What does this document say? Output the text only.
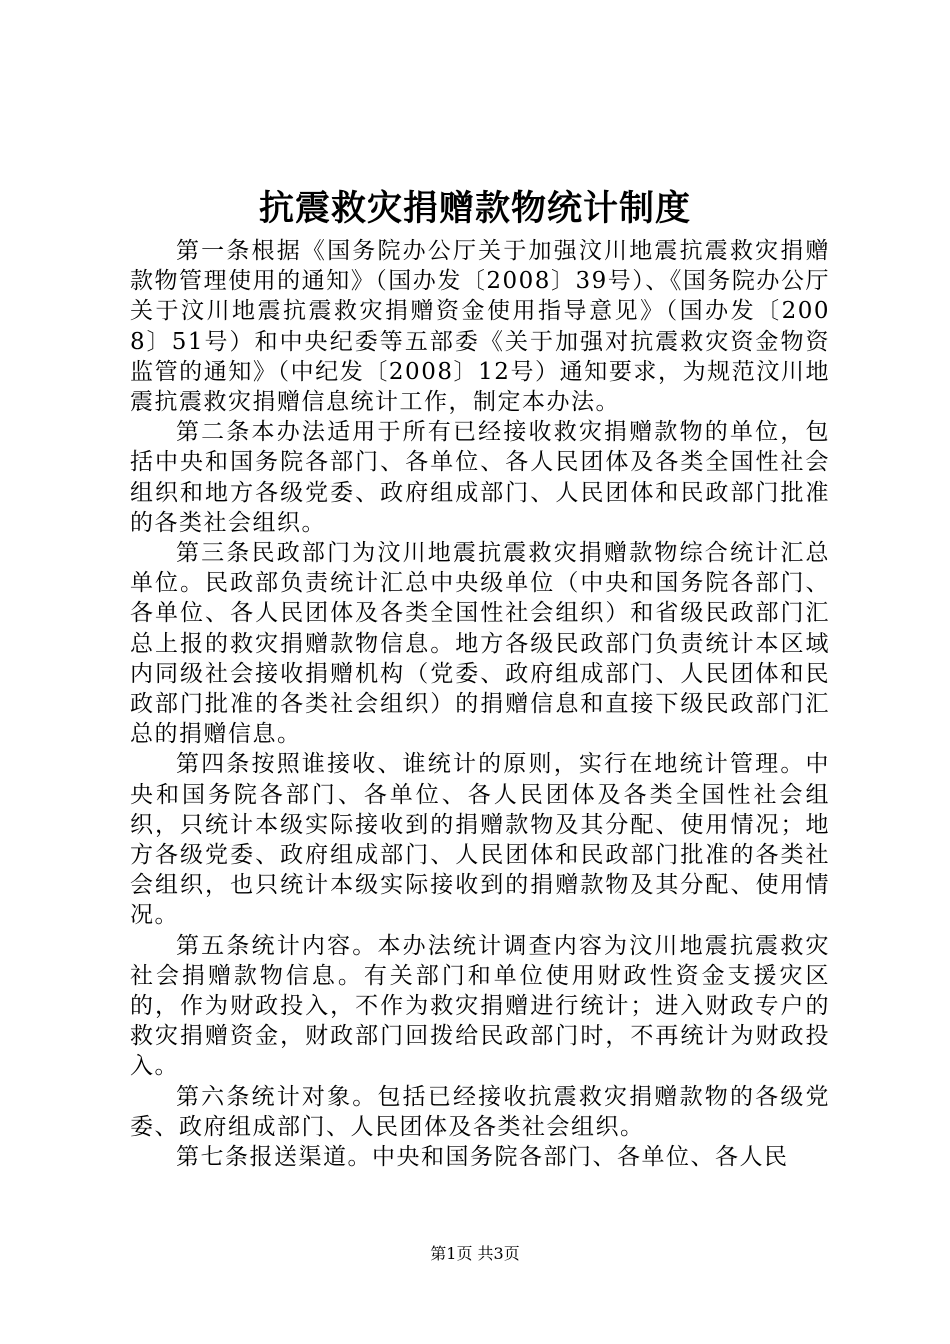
抗震救灾捐赠款物统计制度

第一条根据《国务院办公厅关于加强汶川地震抗震救灾捐赠款物管理使用的通知》（国办发〔2008〕39号）、《国务院办公厅关于汶川地震抗震救灾捐赠资金使用指导意见》（国办发〔2008〕51号）和中央纪委等五部委《关于加强对抗震救灾资金物资监管的通知》（中纪发〔2008〕12号）通知要求，为规范汶川地震抗震救灾捐赠信息统计工作，制定本办法。

第二条本办法适用于所有已经接收救灾捐赠款物的单位，包括中央和国务院各部门、各单位、各人民团体及各类全国性社会组织和地方各级党委、政府组成部门、人民团体和民政部门批准的各类社会组织。

第三条民政部门为汶川地震抗震救灾捐赠款物综合统计汇总单位。民政部负责统计汇总中央级单位（中央和国务院各部门、各单位、各人民团体及各类全国性社会组织）和省级民政部门汇总上报的救灾捐赠款物信息。地方各级民政部门负责统计本区域内同级社会接收捐赠机构（党委、政府组成部门、人民团体和民政部门批准的各类社会组织）的捐赠信息和直接下级民政部门汇总的捐赠信息。

第四条按照谁接收、谁统计的原则，实行在地统计管理。中央和国务院各部门、各单位、各人民团体及各类全国性社会组织，只统计本级实际接收到的捐赠款物及其分配、使用情况；地方各级党委、政府组成部门、人民团体和民政部门批准的各类社会组织，也只统计本级实际接收到的捐赠款物及其分配、使用情况。

第五条统计内容。本办法统计调查内容为汶川地震抗震救灾社会捐赠款物信息。有关部门和单位使用财政性资金支援灾区的，作为财政投入，不作为救灾捐赠进行统计；进入财政专户的救灾捐赠资金，财政部门回拨给民政部门时，不再统计为财政投入。

第六条统计对象。包括已经接收抗震救灾捐赠款物的各级党委、政府组成部门、人民团体及各类社会组织。

第七条报送渠道。中央和国务院各部门、各单位、各人民

第1页 共3页
